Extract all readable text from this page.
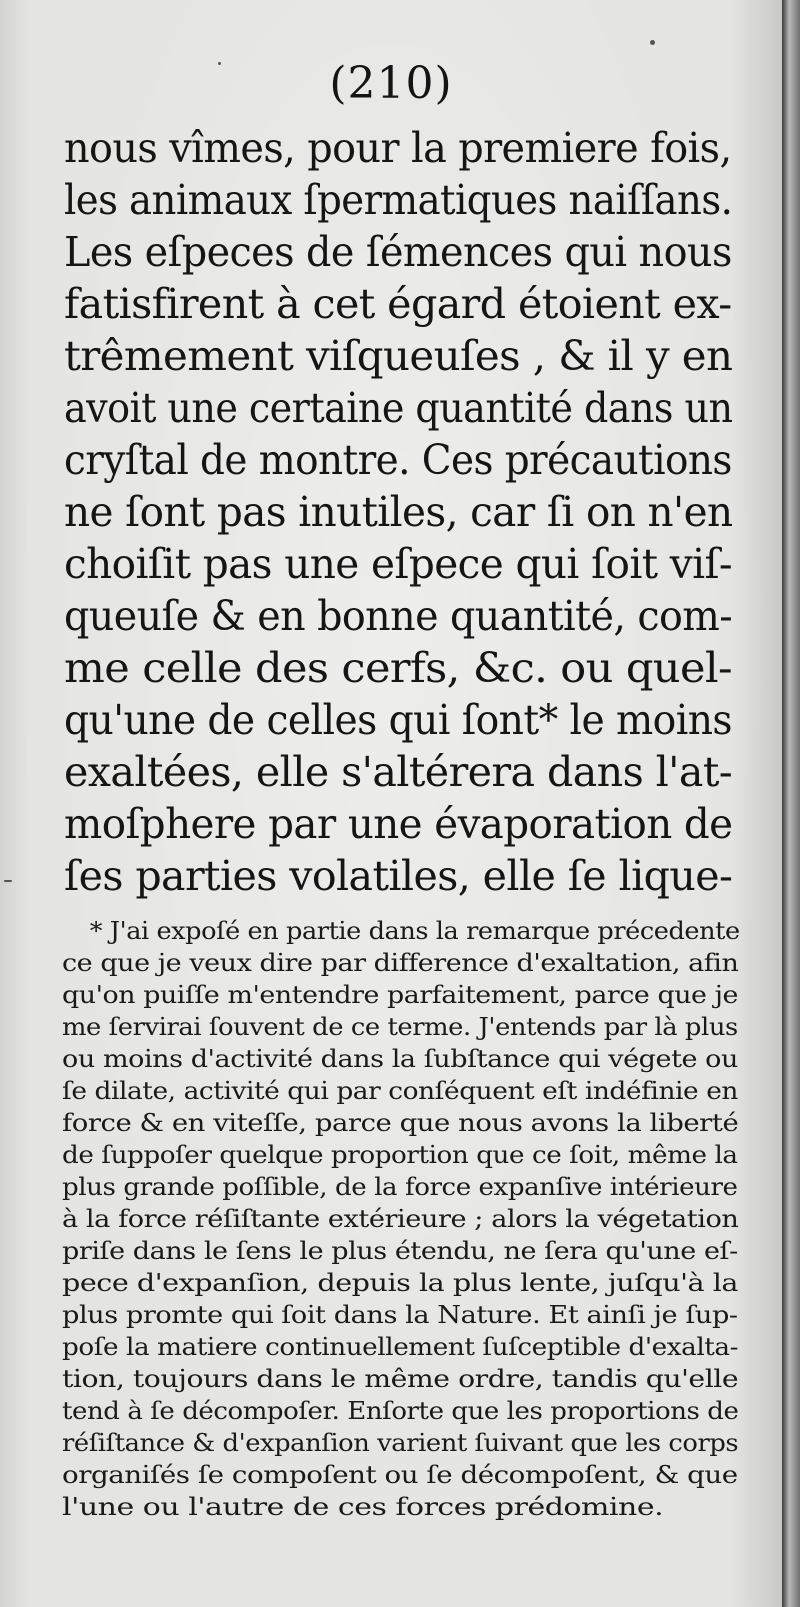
(210)
nous vîmes, pour la premiere fois,
les animaux ſpermatiques naiſſans.
Les eſpeces de ſémences qui nous
fatisfirent à cet égard étoient ex-
trêmement viſqueuſes , & il y en
avoit une certaine quantité dans un
cryſtal de montre. Ces précautions
ne ſont pas inutiles, car ſi on n'en
choiſit pas une eſpece qui ſoit viſ-
queuſe & en bonne quantité, com-
me celle des cerfs, &c. ou quel-
qu'une de celles qui ſont* le moins
exaltées, elle s'altérera dans l'at-
moſphere par une évaporation de
ſes parties volatiles, elle ſe lique-
* J'ai expoſé en partie dans la remarque précedente
ce que je veux dire par difference d'exaltation, afin
qu'on puiſſe m'entendre parfaitement, parce que je
me ſervirai ſouvent de ce terme. J'entends par là plus
ou moins d'activité dans la ſubſtance qui végete ou
ſe dilate, activité qui par conſéquent eſt indéfinie en
force & en viteſſe, parce que nous avons la liberté
de ſuppoſer quelque proportion que ce ſoit, même la
plus grande poſſible, de la force expanſive intérieure
à la force réſiſtante extérieure ; alors la végetation
priſe dans le ſens le plus étendu, ne ſera qu'une eſ-
pece d'expanſion, depuis la plus lente, juſqu'à la
plus promte qui ſoit dans la Nature. Et ainſi je ſup-
poſe la matiere continuellement ſuſceptible d'exalta-
tion, toujours dans le même ordre, tandis qu'elle
tend à ſe décompoſer. Enſorte que les proportions de
réſiſtance & d'expanſion varient ſuivant que les corps
organiſés ſe compoſent ou ſe décompoſent, & que
l'une ou l'autre de ces forces prédomine.
